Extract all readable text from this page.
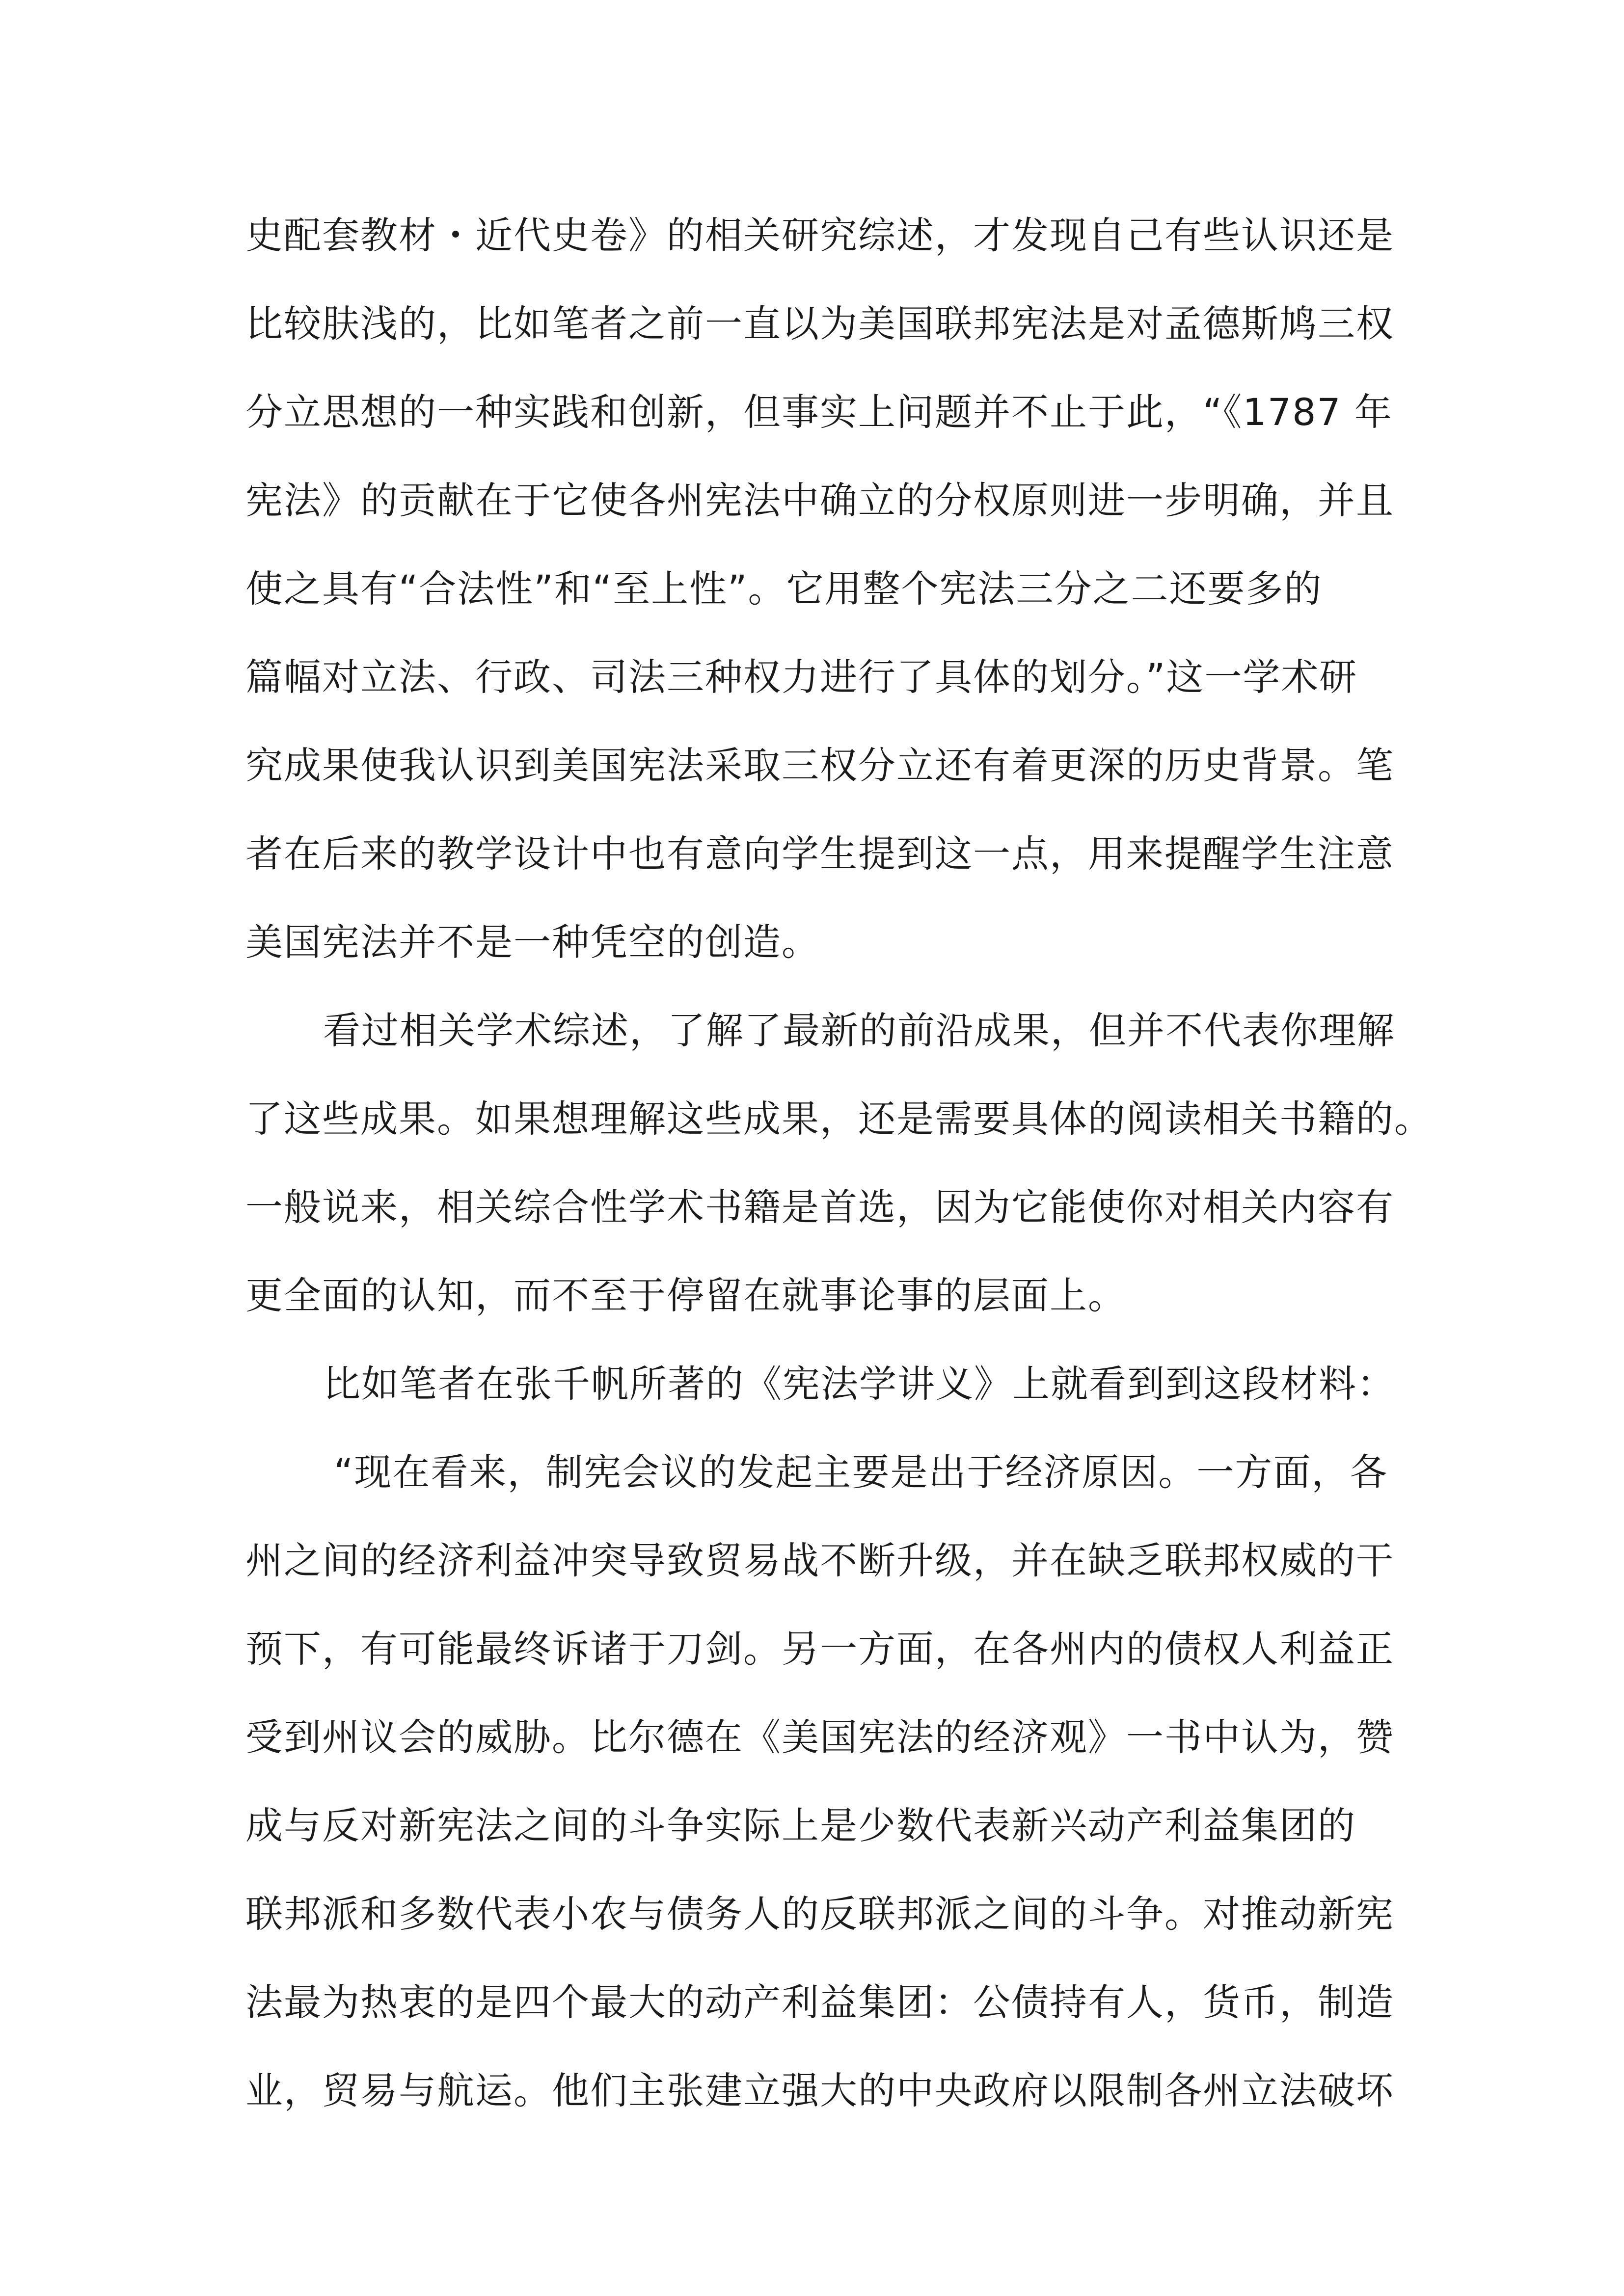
史配套教材・近代史卷》的相关研究综述，才发现自己有些认识还是
比较肤浅的，比如笔者之前一直以为美国联邦宪法是对孟德斯鸠三权
分立思想的一种实践和创新，但事实上问题并不止于此，“《1787 年
宪法》的贡献在于它使各州宪法中确立的分权原则进一步明确，并且
使之具有“合法性”和“至上性”。它用整个宪法三分之二还要多的
篇幅对立法、行政、司法三种权力进行了具体的划分。”这一学术研
究成果使我认识到美国宪法采取三权分立还有着更深的历史背景。笔
者在后来的教学设计中也有意向学生提到这一点，用来提醒学生注意
美国宪法并不是一种凭空的创造。
看过相关学术综述，了解了最新的前沿成果，但并不代表你理解
了这些成果。如果想理解这些成果，还是需要具体的阅读相关书籍的。
一般说来，相关综合性学术书籍是首选，因为它能使你对相关内容有
更全面的认知，而不至于停留在就事论事的层面上。
比如笔者在张千帆所著的《宪法学讲义》上就看到到这段材料：
“现在看来，制宪会议的发起主要是出于经济原因。一方面，各
州之间的经济利益冲突导致贸易战不断升级，并在缺乏联邦权威的干
预下，有可能最终诉诸于刀剑。另一方面，在各州内的债权人利益正
受到州议会的威胁。比尔德在《美国宪法的经济观》一书中认为，赞
成与反对新宪法之间的斗争实际上是少数代表新兴动产利益集团的
联邦派和多数代表小农与债务人的反联邦派之间的斗争。对推动新宪
法最为热衷的是四个最大的动产利益集团：公债持有人，货币，制造
业，贸易与航运。他们主张建立强大的中央政府以限制各州立法破坏
